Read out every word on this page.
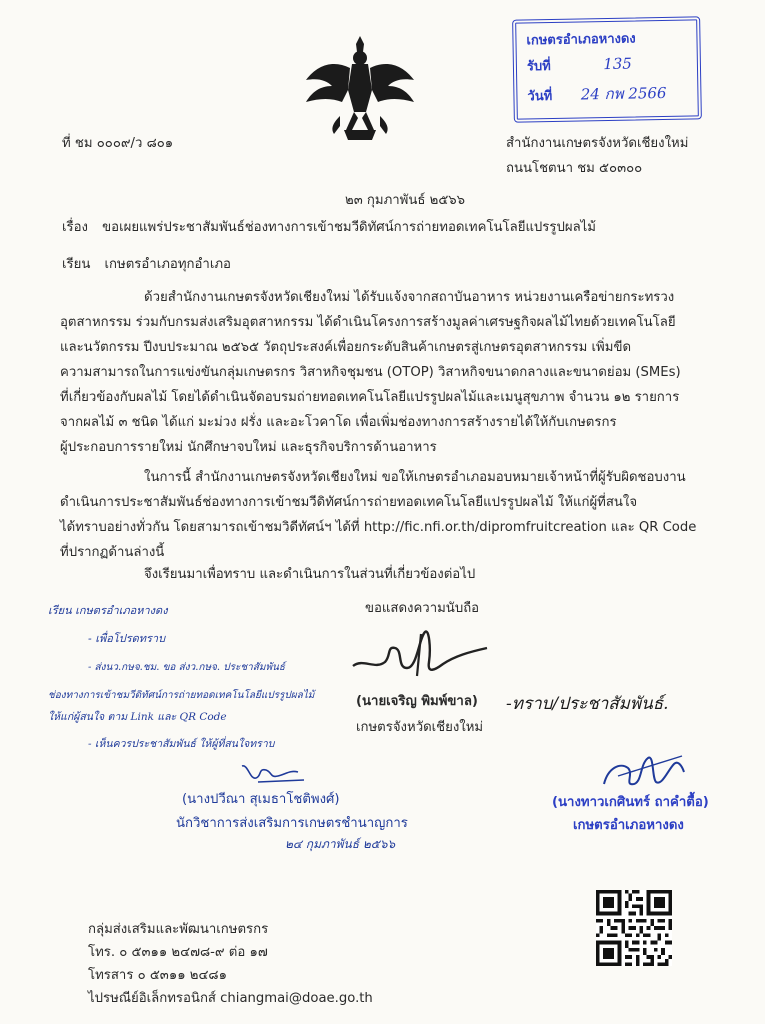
เกษตรอำเภอหางดง
รับที่	135
วันที่ 24 กพ 2566
ที่ ชม ๐๐๐๙/ว ๘๐๑	สำนักงานเกษตรจังหวัดเชียงใหม่
ถนนโชตนา ชม ๕๐๓๐๐
๒๓ กุมภาพันธ์ ๒๕๖๖
เรื่อง ขอเผยแพร่ประชาสัมพันธ์ช่องทางการเข้าชมวีดิทัศน์การถ่ายทอดเทคโนโลยีแปรรูปผลไม้
เรียน เกษตรอำเภอทุกอำเภอ

ด้วยสำนักงานเกษตรจังหวัดเชียงใหม่ ได้รับแจ้งจากสถาบันอาหาร หน่วยงานเครือข่ายกระทรวง

อุตสาหกรรม ร่วมกับกรมส่งเสริมอุตสาหกรรม ได้ดำเนินโครงการสร้างมูลค่าเศรษฐกิจผลไม้ไทยด้วยเทคโนโลยี

และนวัตกรรม ปีงบประมาณ ๒๕๖๕ วัตถุประสงค์เพื่อยกระดับสินค้าเกษตรสู่เกษตรอุตสาหกรรม เพิ่มขีด

ความสามารถในการแข่งขันกลุ่มเกษตรกร วิสาหกิจชุมชน (OTOP) วิสาหกิจขนาดกลางและขนาดย่อม (SMEs)

ที่เกี่ยวข้องกับผลไม้ โดยได้ดำเนินจัดอบรมถ่ายทอดเทคโนโลยีแปรรูปผลไม้และเมนูสุขภาพ จำนวน ๑๒ รายการ

จากผลไม้ ๓ ชนิด ได้แก่ มะม่วง ฝรั่ง และอะโวคาโด เพื่อเพิ่มช่องทางการสร้างรายได้ให้กับเกษตรกร

ผู้ประกอบการรายใหม่ นักศึกษาจบใหม่ และธุรกิจบริการด้านอาหาร

ในการนี้ สำนักงานเกษตรจังหวัดเชียงใหม่ ขอให้เกษตรอำเภอมอบหมายเจ้าหน้าที่ผู้รับผิดชอบงาน

ดำเนินการประชาสัมพันธ์ช่องทางการเข้าชมวีดิทัศน์การถ่ายทอดเทคโนโลยีแปรรูปผลไม้ ให้แก่ผู้ที่สนใจ

ได้ทราบอย่างทั่วกัน โดยสามารถเข้าชมวิดีทัศน์ฯ ได้ที่ http://fic.nfi.or.th/dipromfruitcreation และ QR Code

ที่ปรากฏด้านล่างนี้

จึงเรียนมาเพื่อทราบ และดำเนินการในส่วนที่เกี่ยวข้องต่อไป
ขอแสดงความนับถือ
(นายเจริญ พิมพ์ขาล)
เกษตรจังหวัดเชียงใหม่
เรียน เกษตรอำเภอหางดง
- เพื่อโปรดทราบ
- ส่งนว.กษจ.ชม. ขอ ส่งว.กษจ. ประชาสัมพันธ์
ช่องทางการเข้าชมวีดิทัศน์การถ่ายทอดเทคโนโลยีแปรรูปผลไม้
ให้แก่ผู้สนใจ ตาม Link และ QR Code
- เห็นควรประชาสัมพันธ์ ให้ผู้ที่สนใจทราบ
(นางปวีณา สุเมธาโชติพงศ์)
นักวิชาการส่งเสริมการเกษตรชำนาญการ
๒๔ กุมภาพันธ์ ๒๕๖๖
-ทราบ/ประชาสัมพันธ์.
(นางทาวเกศินทร์ ถาคำตื้อ)
เกษตรอำเภอหางดง
กลุ่มส่งเสริมและพัฒนาเกษตรกร
โทร. ๐ ๕๓๑๑ ๒๔๗๘-๙ ต่อ ๑๗
โทรสาร ๐ ๕๓๑๑ ๒๔๘๑
ไปรษณีย์อิเล็กทรอนิกส์ chiangmai@doae.go.th
